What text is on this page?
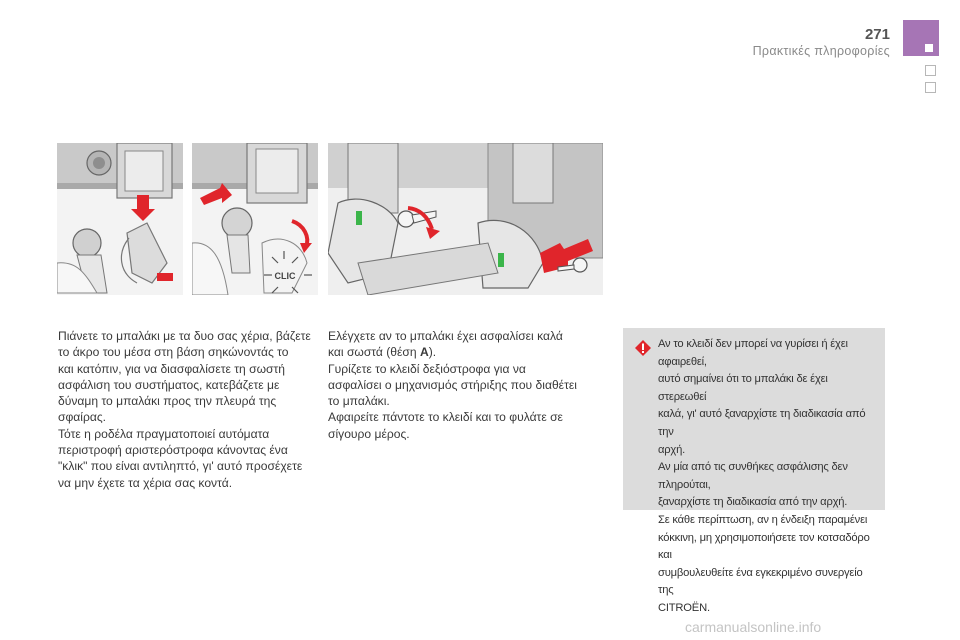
271
Πρακτικές πληροφορίες
CLIC

Πιάνετε το μπαλάκι με τα δυο σας χέρια, βάζετε

το άκρο του μέσα στη βάση σηκώνοντάς το

και κατόπιν, για να διασφαλίσετε τη σωστή

ασφάλιση του συστήματος, κατεβάζετε με

δύναμη το μπαλάκι προς την πλευρά της

σφαίρας.

Τότε η ροδέλα πραγματοποιεί αυτόματα

περιστροφή αριστερόστροφα κάνοντας ένα

"κλικ" που είναι αντιληπτό, γι' αυτό προσέχετε

να μην έχετε τα χέρια σας κοντά.

Ελέγχετε αν το μπαλάκι έχει ασφαλίσει καλά

και σωστά (θέση A).

Γυρίζετε το κλειδί δεξιόστροφα για να

ασφαλίσει ο μηχανισμός στήριξης που διαθέτει

το μπαλάκι.

Αφαιρείτε πάντοτε το κλειδί και το φυλάτε σε

σίγουρο μέρος.

Αν το κλειδί δεν μπορεί να γυρίσει ή έχει αφαιρεθεί,

αυτό σημαίνει ότι το μπαλάκι δε έχει στερεωθεί

καλά, γι' αυτό ξαναρχίστε τη διαδικασία από την

αρχή.

Αν μία από τις συνθήκες ασφάλισης δεν πληρούται,

ξαναρχίστε τη διαδικασία από την αρχή.

Σε κάθε περίπτωση, αν η ένδειξη παραμένει

κόκκινη, μη χρησιμοποιήσετε τον κοτσαδόρο και

συμβουλευθείτε ένα εγκεκριμένο συνεργείο της

CITROËN.

carmanualsonline.info
